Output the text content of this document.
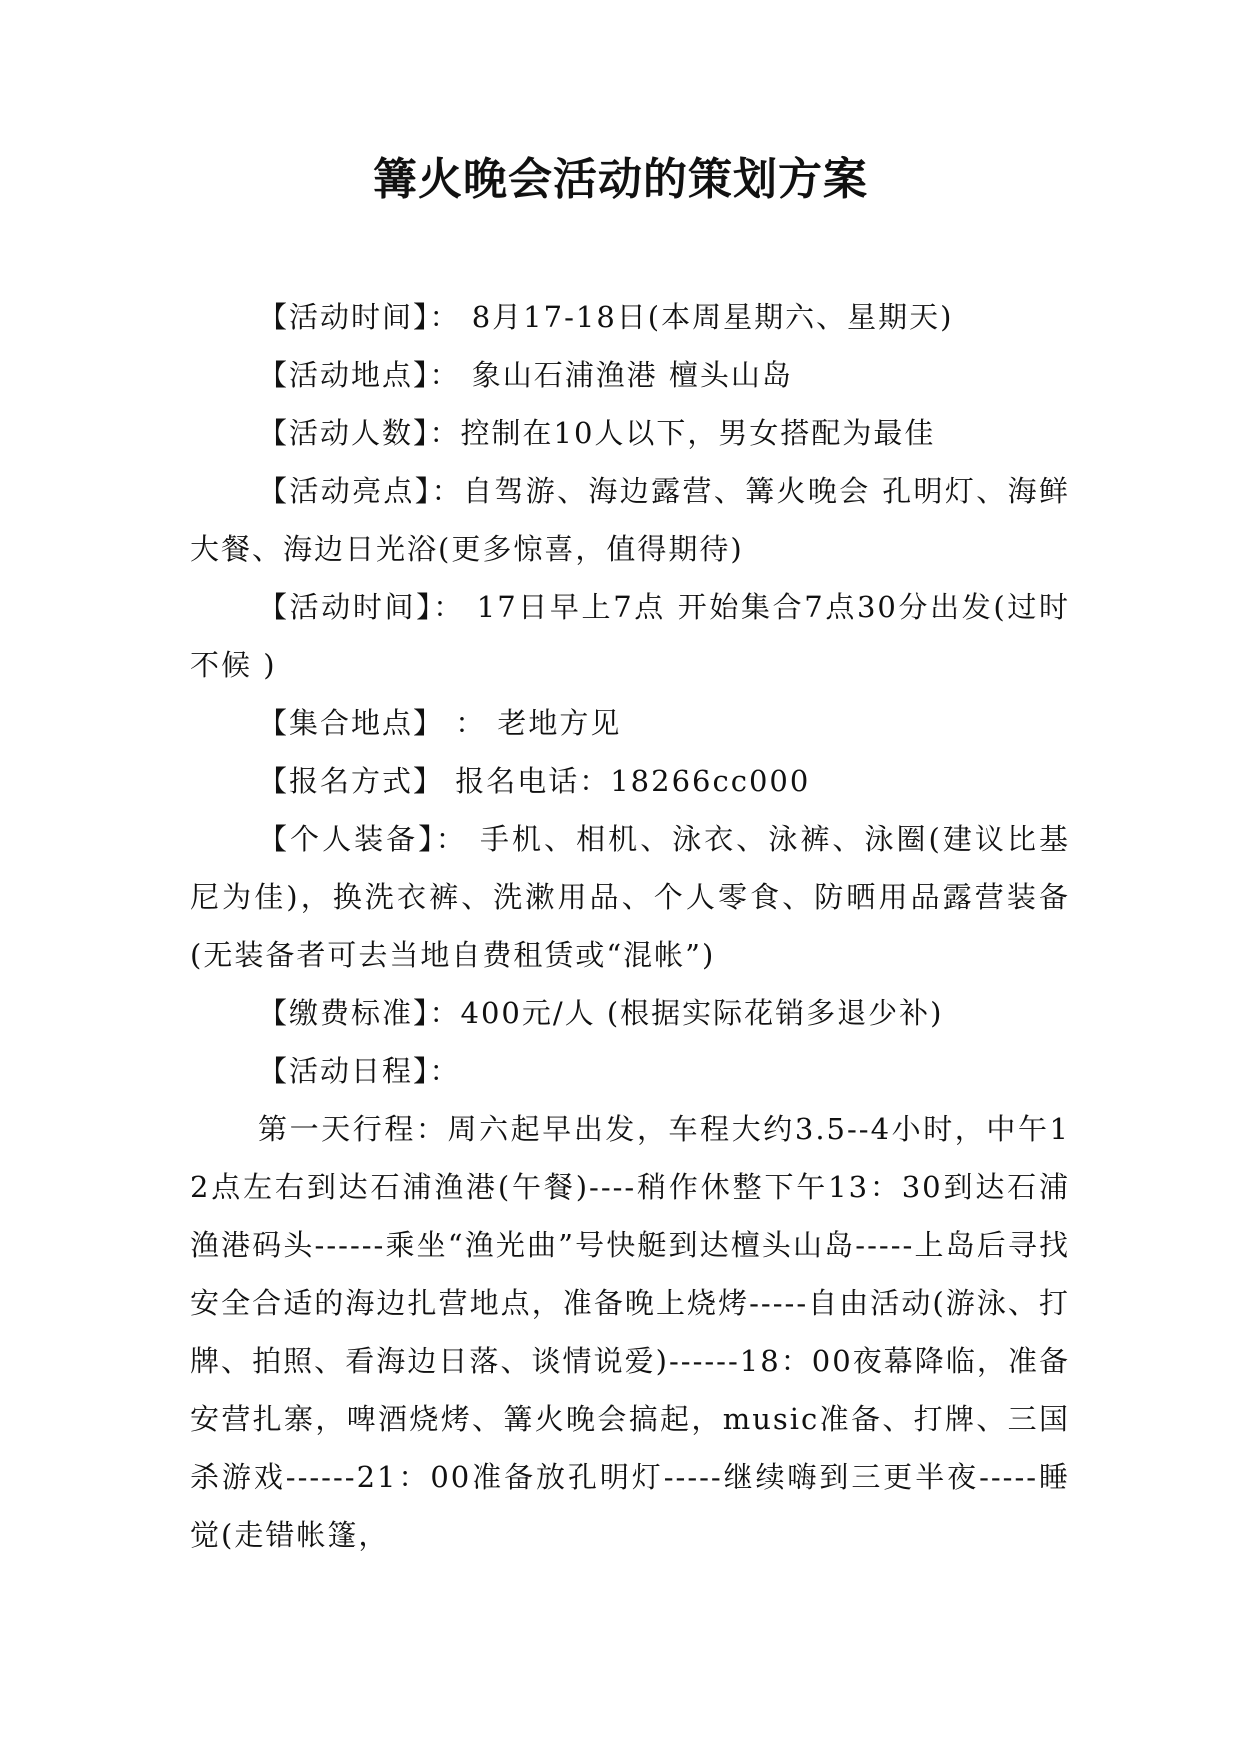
篝火晚会活动的策划方案

【活动时间】： 8月17-18日(本周星期六、星期天)

【活动地点】： 象山石浦渔港 檀头山岛

【活动人数】：控制在10人以下，男女搭配为最佳

【活动亮点】：自驾游、海边露营、篝火晚会 孔明灯、海鲜大餐、海边日光浴(更多惊喜，值得期待)

【活动时间】： 17日早上7点 开始集合7点30分出发(过时不候 )

【集合地点】 ： 老地方见

【报名方式】 报名电话：18266cc000

【个人装备】： 手机、相机、泳衣、泳裤、泳圈(建议比基尼为佳)，换洗衣裤、洗漱用品、个人零食、防晒用品露营装备(无装备者可去当地自费租赁或“混帐”)

【缴费标准】：400元/人 (根据实际花销多退少补)

【活动日程】：

第一天行程：周六起早出发，车程大约3.5--4小时，中午12点左右到达石浦渔港(午餐)----稍作休整下午13：30到达石浦渔港码头------乘坐“渔光曲”号快艇到达檀头山岛-----上岛后寻找安全合适的海边扎营地点，准备晚上烧烤-----自由活动(游泳、打牌、拍照、看海边日落、谈情说爱)------18：00夜幕降临，准备安营扎寨，啤酒烧烤、篝火晚会搞起，music准备、打牌、三国杀游戏------21：00准备放孔明灯-----继续嗨到三更半夜-----睡觉(走错帐篷，
